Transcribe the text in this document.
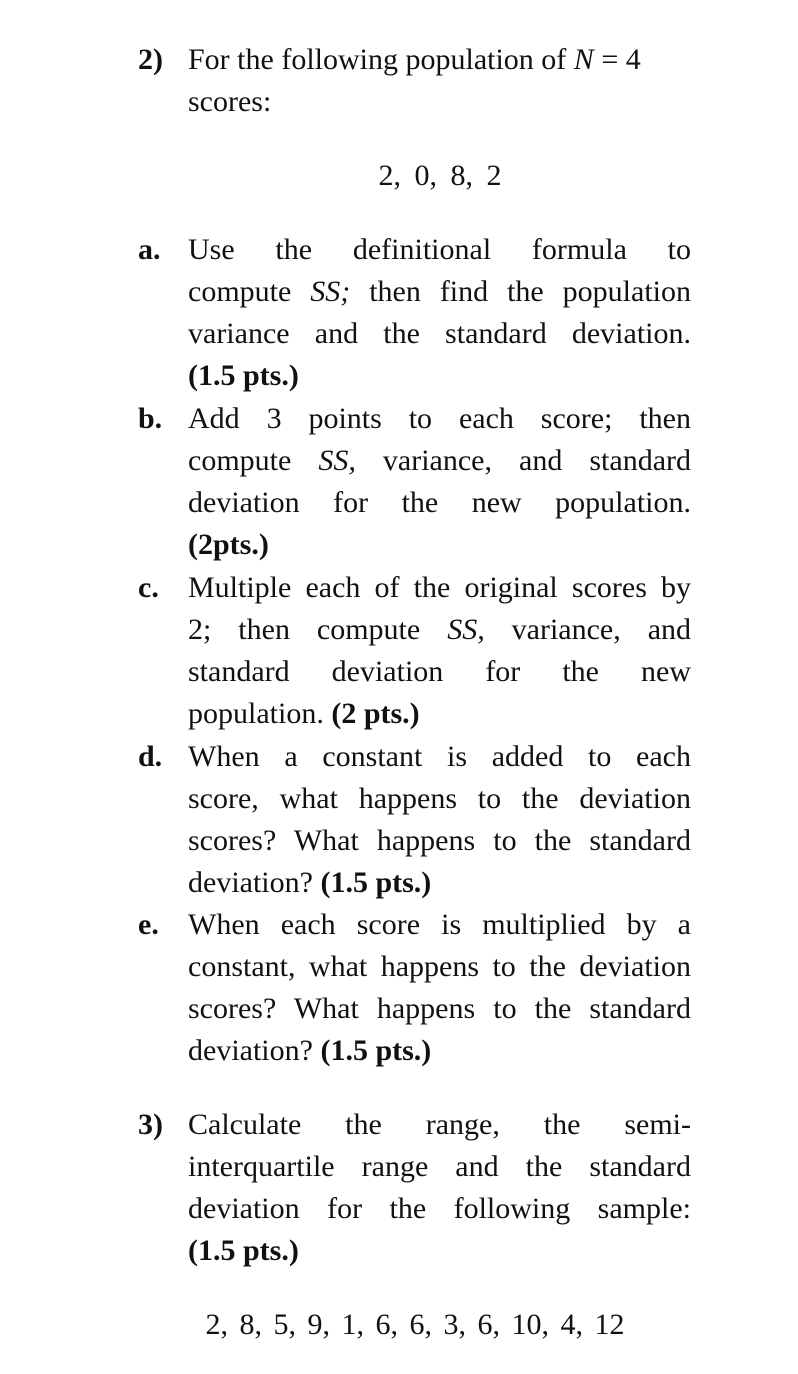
2) For the following population of N = 4
scores:
2, 0, 8, 2
a. Use the definitional formula to
compute SS; then find the population
variance and the standard deviation.
(1.5 pts.)
b. Add 3 points to each score; then
compute SS, variance, and standard
deviation for the new population.
(2pts.)
c. Multiple each of the original scores by
2; then compute SS, variance, and
standard deviation for the new
population. (2 pts.)
d. When a constant is added to each
score, what happens to the deviation
scores? What happens to the standard
deviation? (1.5 pts.)
e. When each score is multiplied by a
constant, what happens to the deviation
scores? What happens to the standard
deviation? (1.5 pts.)
3) Calculate the range, the semi-
interquartile range and the standard
deviation for the following sample:
(1.5 pts.)
2, 8, 5, 9, 1, 6, 6, 3, 6, 10, 4, 12
